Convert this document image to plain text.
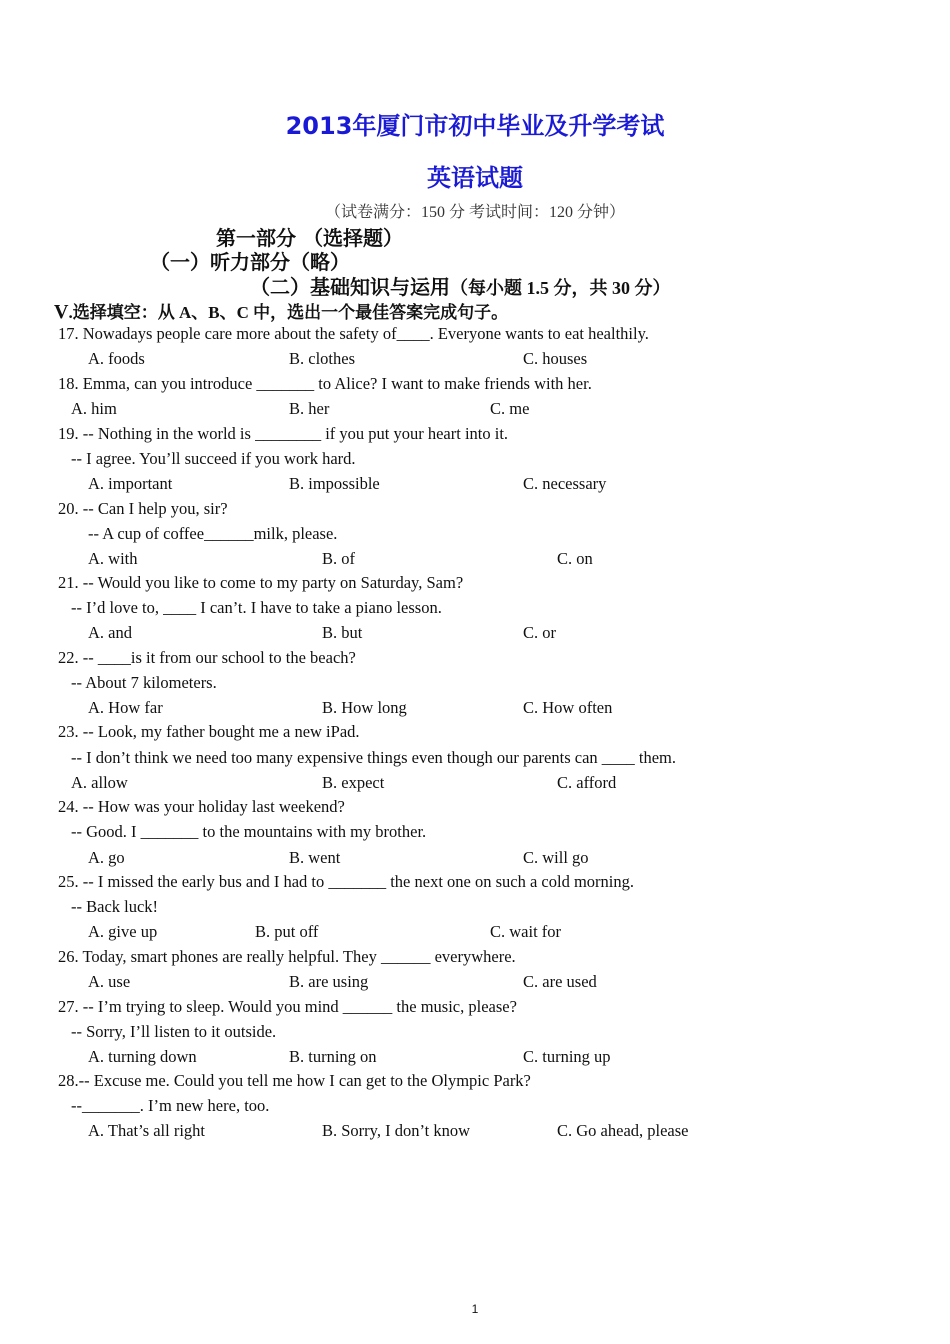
2013年厦门市初中毕业及升学考试
英语试题
（试卷满分：150 分 考试时间：120 分钟）
第一部分 （选择题）
（一）听力部分（略）
（二）基础知识与运用（每小题 1.5 分，共 30 分）
V.选择填空：从 A、B、C 中，选出一个最佳答案完成句子。
17. Nowadays people care more about the safety of____. Everyone wants to eat healthily.
A. foods	B. clothes	C. houses
18. Emma, can you introduce _______ to Alice? I want to make friends with her.
A. him	B. her	C. me
19. -- Nothing in the world is ________ if you put your heart into it.
-- I agree. You’ll succeed if you work hard.
A. important	B. impossible	C. necessary
20. -- Can I help you, sir?
-- A cup of coffee______milk, please.
A. with	B. of	C. on
21. -- Would you like to come to my party on Saturday, Sam?
-- I’d love to, ____ I can’t. I have to take a piano lesson.
A. and	B. but	C. or
22. -- ____is it from our school to the beach?
-- About 7 kilometers.
A. How far	B. How long	C. How often
23. -- Look, my father bought me a new iPad.
-- I don’t think we need too many expensive things even though our parents can ____ them.
A. allow	B. expect	C. afford
24. -- How was your holiday last weekend?
-- Good. I _______ to the mountains with my brother.
A. go	B. went	C. will go
25. -- I missed the early bus and I had to _______ the next one on such a cold morning.
-- Back luck!
A. give up	B. put off	C. wait for
26. Today, smart phones are really helpful. They ______ everywhere.
A. use	B. are using	C. are used
27. -- I’m trying to sleep. Would you mind ______ the music, please?
-- Sorry, I’ll listen to it outside.
A. turning down	B. turning on	C. turning up
28.-- Excuse me. Could you tell me how I can get to the Olympic Park?
--_______. I’m new here, too.
A. That’s all right	B. Sorry, I don’t know	C. Go ahead, please
1
